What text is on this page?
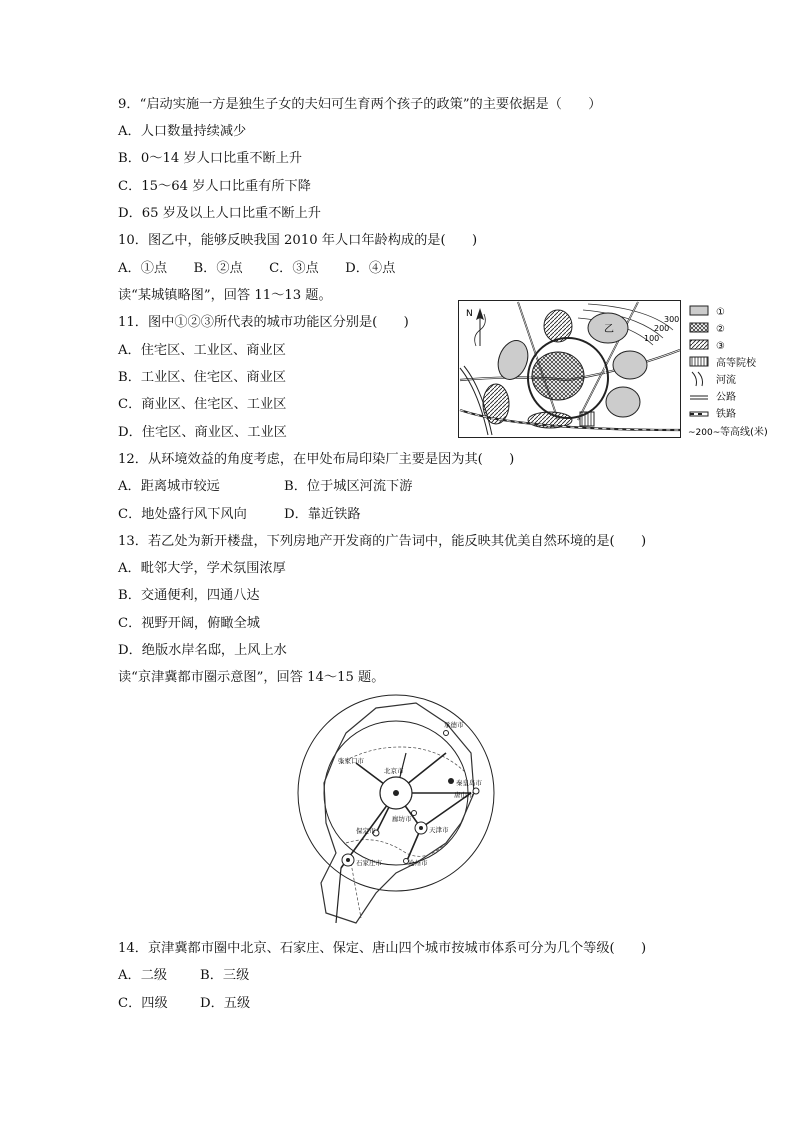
9．“启动实施一方是独生子女的夫妇可生育两个孩子的政策”的主要依据是（　　）
A．人口数量持续减少
B．0～14 岁人口比重不断上升
C．15～64 岁人口比重有所下降
D．65 岁及以上人口比重不断上升
10．图乙中，能够反映我国 2010 年人口年龄构成的是(　　)
A．①点　　B．②点　　C．③点　　D．④点
读“某城镇略图”，回答 11～13 题。
11．图中①②③所代表的城市功能区分别是(　　)
A．住宅区、工业区、商业区
B．工业区、住宅区、商业区
C．商业区、住宅区、工业区
D．住宅区、商业区、工业区
300
200
100
乙
N	①
②
③
高等院校
河流
公路
铁路
~200~ 等高线(米)
12．从环境效益的角度考虑，在甲处布局印染厂主要是因为其(　　)
A．距离城市较远	B．位于城区河流下游
C．地处盛行风下风向	D．靠近铁路
13．若乙处为新开楼盘，下列房地产开发商的广告词中，能反映其优美自然环境的是(　　)
A．毗邻大学，学术氛围浓厚
B．交通便利，四通八达
C．视野开阔，俯瞰全城
D．绝版水岸名邸，上风上水
读“京津冀都市圈示意图”，回答 14～15 题。
张家口市
北京市
承德市
秦皇岛市
唐山市
天津市
廊坊市
保定市
石家庄市	沧州市
14．京津冀都市圈中北京、石家庄、保定、唐山四个城市按城市体系可分为几个等级(　　)
A．二级 B．三级
C．四级 D．五级
